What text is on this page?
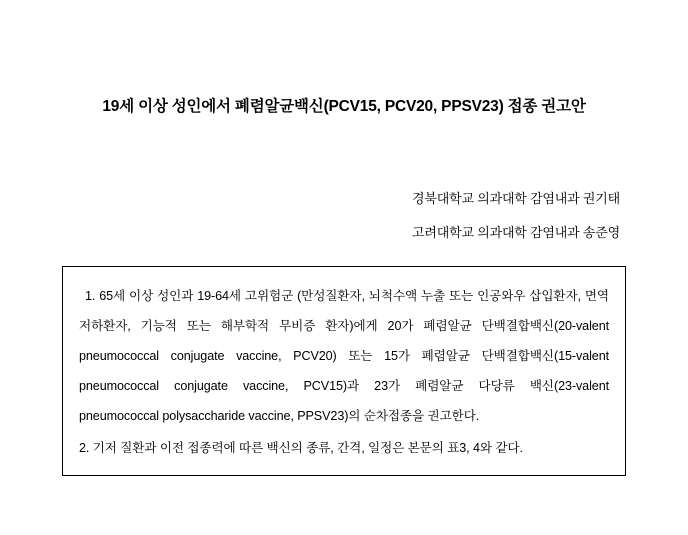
19세 이상 성인에서 폐렴알균백신(PCV15, PCV20, PPSV23) 접종 권고안
경북대학교 의과대학 감염내과 권기태
고려대학교 의과대학 감염내과 송준영

1. 65세 이상 성인과 19-64세 고위험군 (만성질환자, 뇌척수액 누출 또는 인공와우 삽입환자, 면역저하환자, 기능적 또는 해부학적 무비증 환자)에게 20가 폐렴알균 단백결합백신(20-valent pneumococcal conjugate vaccine, PCV20) 또는 15가 폐렴알균 단백결합백신(15-valent pneumococcal conjugate vaccine, PCV15)과 23가 폐렴알균 다당류 백신(23-valent pneumococcal polysaccharide vaccine, PPSV23)의 순차접종을 권고한다.

2. 기저 질환과 이전 접종력에 따른 백신의 종류, 간격, 일정은 본문의 표3, 4와 같다.
